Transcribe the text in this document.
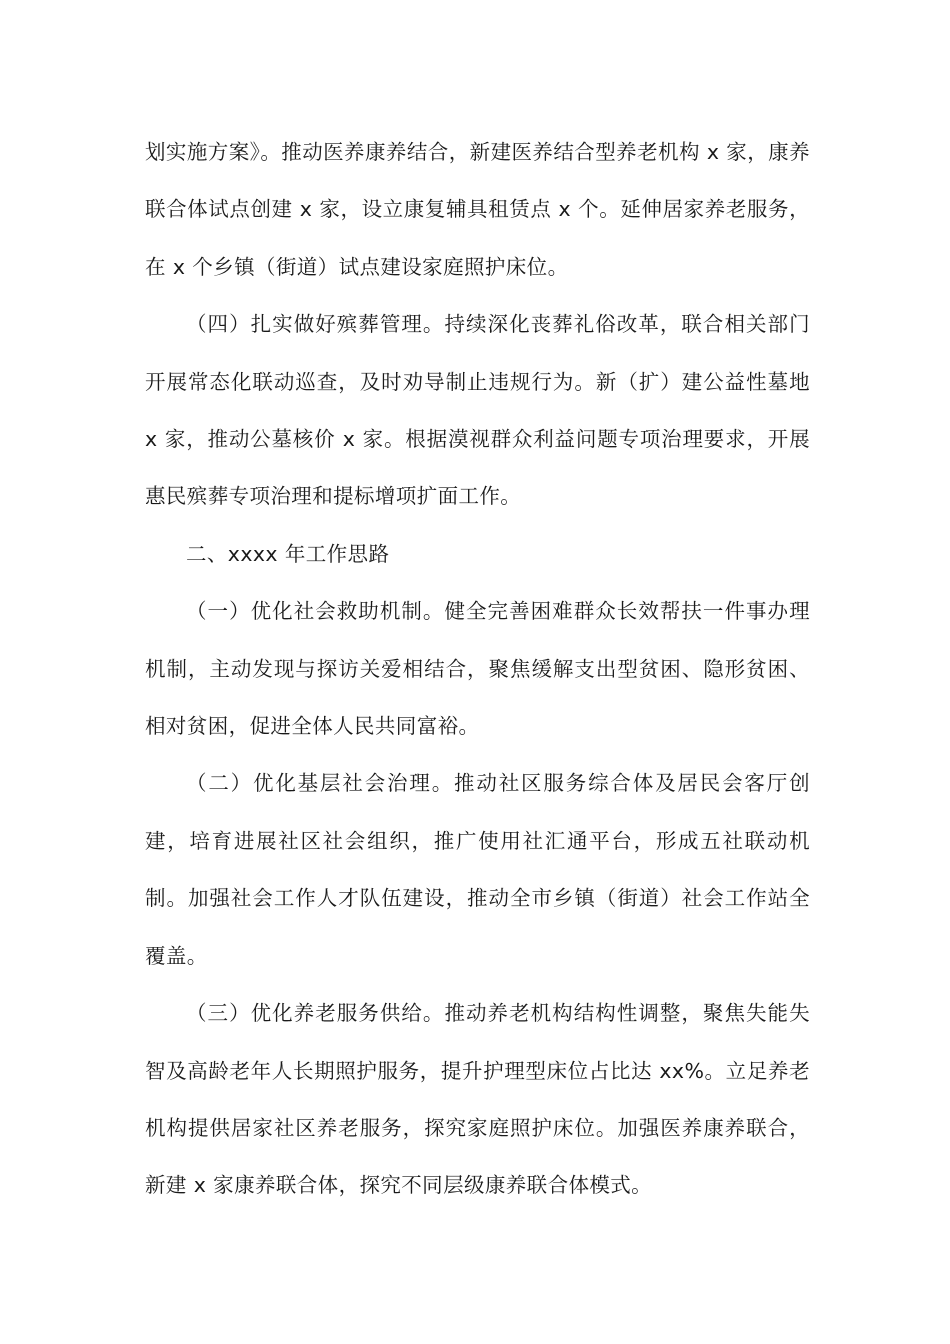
划实施方案》。推动医养康养结合，新建医养结合型养老机构 x 家，康养联合体试点创建 x 家，设立康复辅具租赁点 x 个。延伸居家养老服务，在 x 个乡镇（街道）试点建设家庭照护床位。

（四）扎实做好殡葬管理。持续深化丧葬礼俗改革，联合相关部门开展常态化联动巡查，及时劝导制止违规行为。新（扩）建公益性墓地 x 家，推动公墓核价 x 家。根据漠视群众利益问题专项治理要求，开展惠民殡葬专项治理和提标增项扩面工作。

二、xxxx 年工作思路

（一）优化社会救助机制。健全完善困难群众长效帮扶一件事办理机制，主动发现与探访关爱相结合，聚焦缓解支出型贫困、隐形贫困、相对贫困，促进全体人民共同富裕。

（二）优化基层社会治理。推动社区服务综合体及居民会客厅创建，培育进展社区社会组织，推广使用社汇通平台，形成五社联动机制。加强社会工作人才队伍建设，推动全市乡镇（街道）社会工作站全覆盖。

（三）优化养老服务供给。推动养老机构结构性调整，聚焦失能失智及高龄老年人长期照护服务，提升护理型床位占比达 xx%。立足养老机构提供居家社区养老服务，探究家庭照护床位。加强医养康养联合，新建 x 家康养联合体，探究不同层级康养联合体模式。
